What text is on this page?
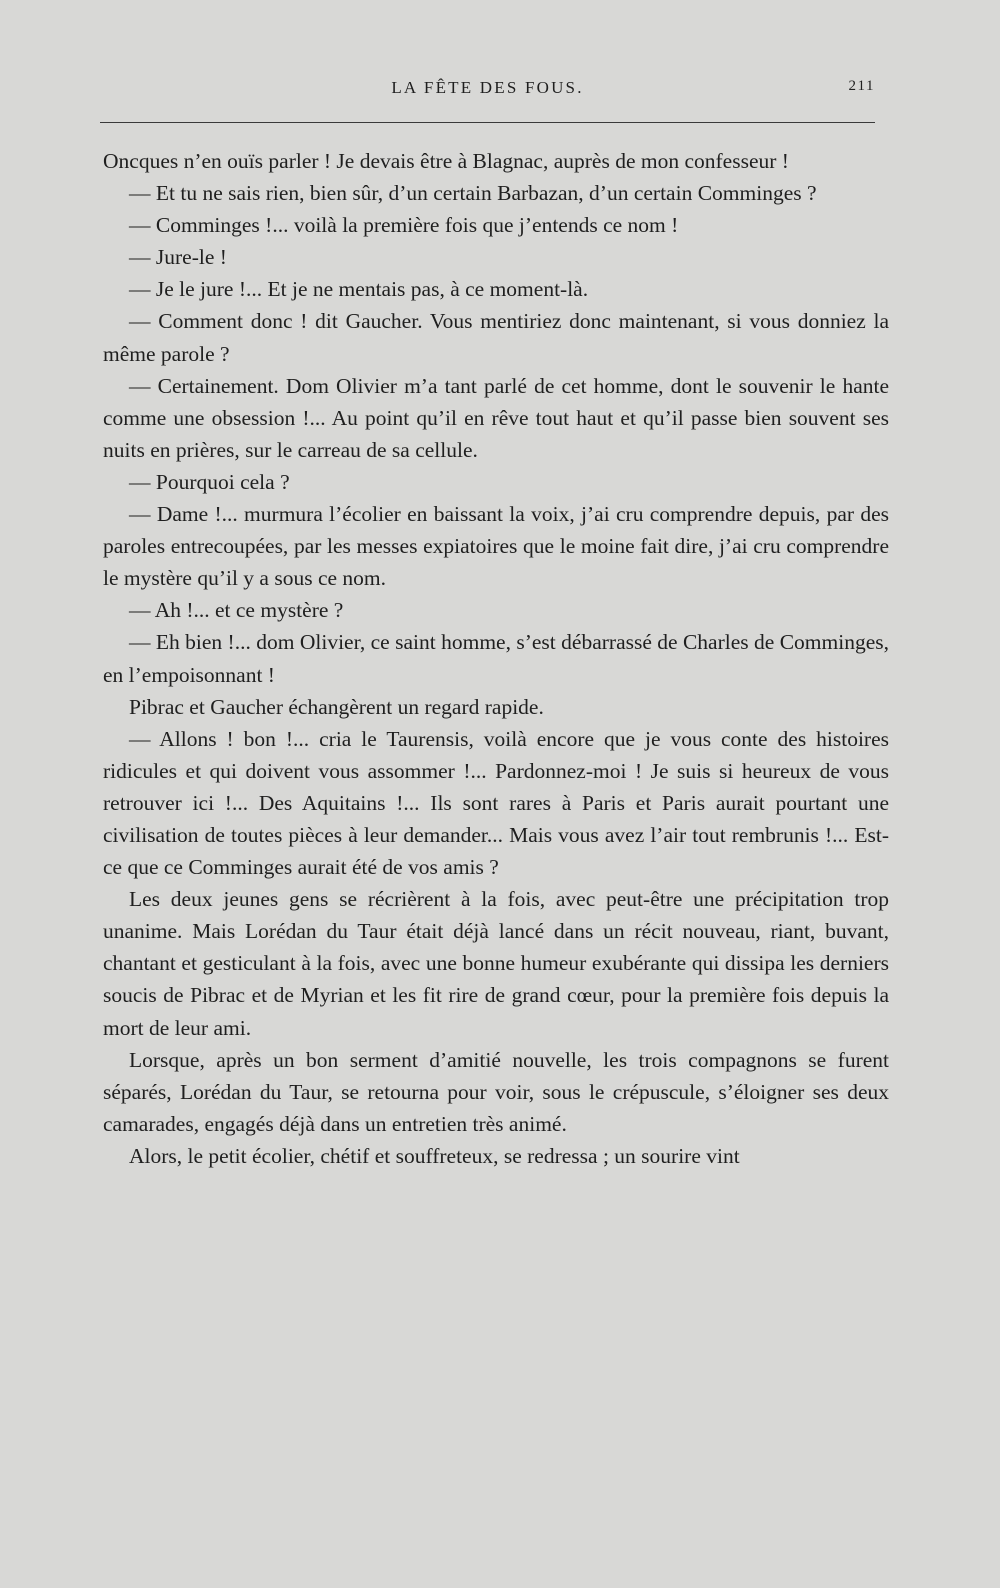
LA FÊTE DES FOUS.	211

Oncques n’en ouïs parler ! Je devais être à Blagnac, auprès de mon confesseur !

— Et tu ne sais rien, bien sûr, d’un certain Barbazan, d’un certain Comminges ?

— Comminges !... voilà la première fois que j’entends ce nom !

— Jure-le !

— Je le jure !... Et je ne mentais pas, à ce moment-là.

— Comment donc ! dit Gaucher. Vous mentiriez donc maintenant, si vous donniez la même parole ?

— Certainement. Dom Olivier m’a tant parlé de cet homme, dont le souvenir le hante comme une obsession !... Au point qu’il en rêve tout haut et qu’il passe bien souvent ses nuits en prières, sur le carreau de sa cellule.

— Pourquoi cela ?

— Dame !... murmura l’écolier en baissant la voix, j’ai cru comprendre depuis, par des paroles entrecoupées, par les messes expiatoires que le moine fait dire, j’ai cru comprendre le mystère qu’il y a sous ce nom.

— Ah !... et ce mystère ?

— Eh bien !... dom Olivier, ce saint homme, s’est débarrassé de Charles de Comminges, en l’empoisonnant !

Pibrac et Gaucher échangèrent un regard rapide.

— Allons ! bon !... cria le Taurensis, voilà encore que je vous conte des histoires ridicules et qui doivent vous assommer !... Pardonnez-moi ! Je suis si heureux de vous retrouver ici !... Des Aquitains !... Ils sont rares à Paris et Paris aurait pourtant une civilisation de toutes pièces à leur demander... Mais vous avez l’air tout rembrunis !... Est-ce que ce Comminges aurait été de vos amis ?

Les deux jeunes gens se récrièrent à la fois, avec peut-être une précipitation trop unanime. Mais Lorédan du Taur était déjà lancé dans un récit nouveau, riant, buvant, chantant et gesticulant à la fois, avec une bonne humeur exubérante qui dissipa les derniers soucis de Pibrac et de Myrian et les fit rire de grand cœur, pour la première fois depuis la mort de leur ami.

Lorsque, après un bon serment d’amitié nouvelle, les trois compagnons se furent séparés, Lorédan du Taur, se retourna pour voir, sous le crépuscule, s’éloigner ses deux camarades, engagés déjà dans un entretien très animé.

Alors, le petit écolier, chétif et souffreteux, se redressa ; un sourire vint
